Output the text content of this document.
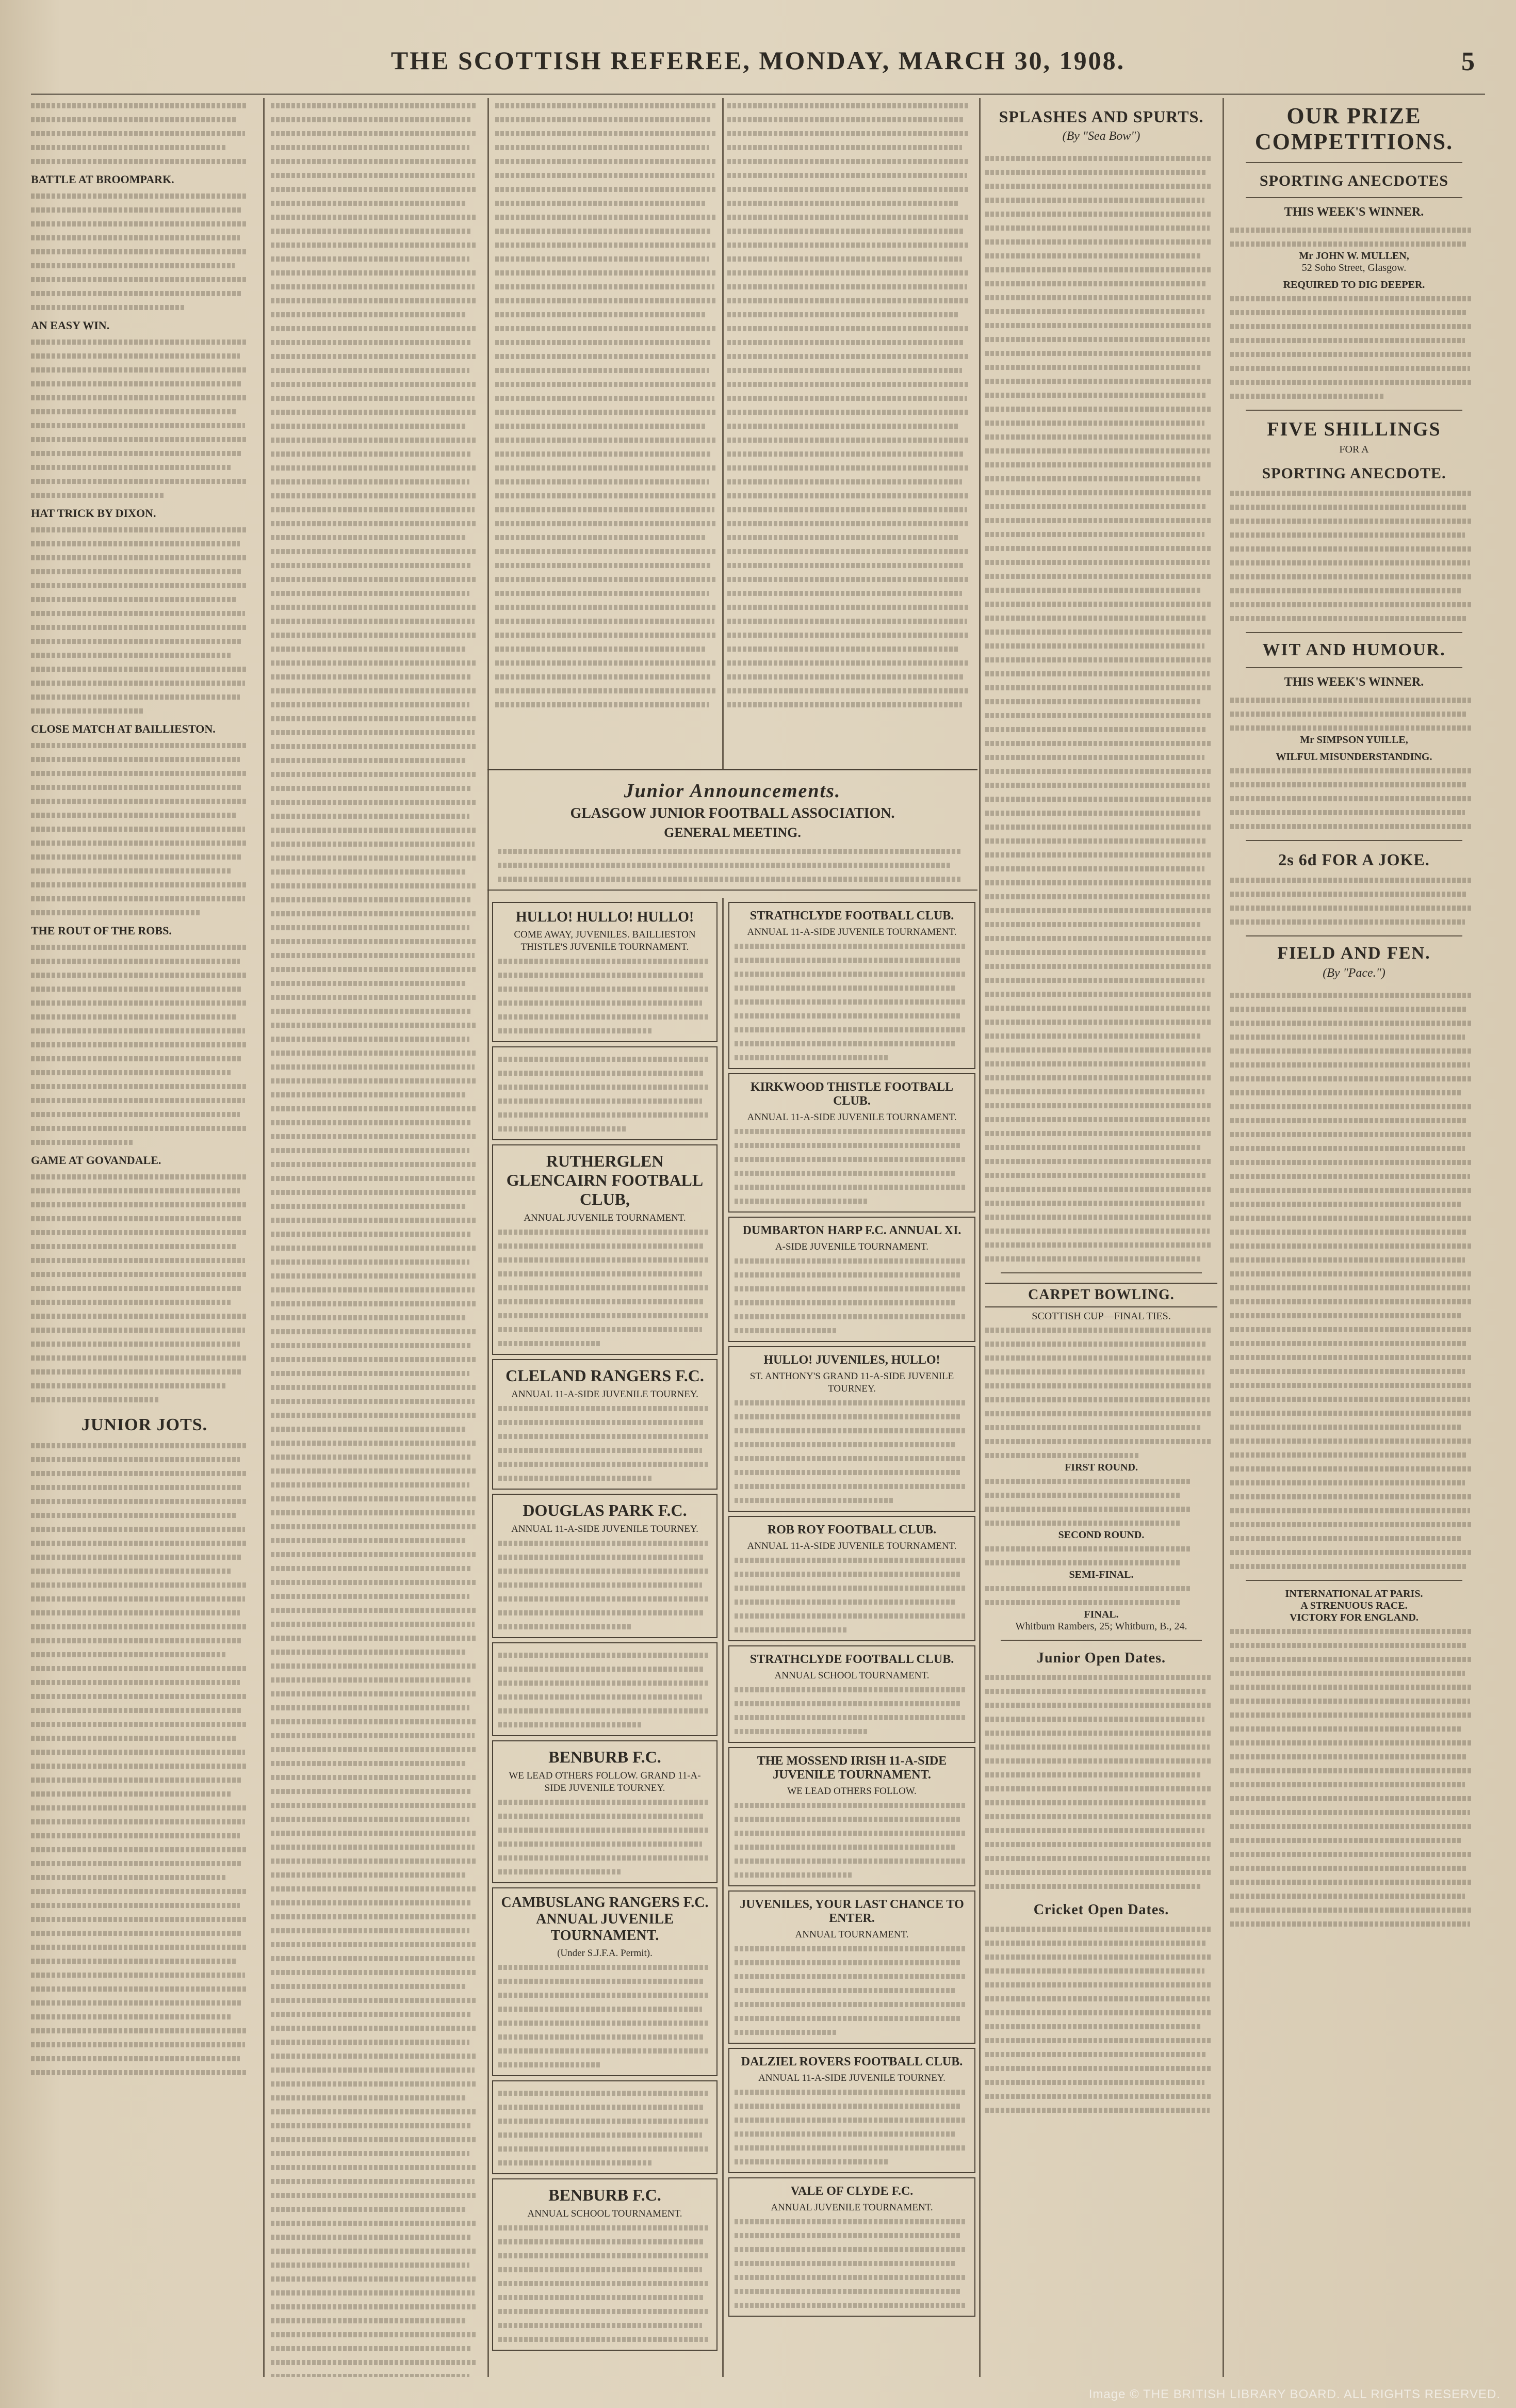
THE SCOTTISH REFEREE, MONDAY, MARCH 30, 1908.	5
BATTLE AT BROOMPARK.
AN EASY WIN.
HAT TRICK BY DIXON.
CLOSE MATCH AT BAILLIESTON.
THE ROUT OF THE ROBS.
GAME AT GOVANDALE.
JUNIOR JOTS.
Junior Announcements.
GLASGOW JUNIOR FOOTBALL ASSOCIATION.
GENERAL MEETING.
HULLO! HULLO! HULLO!
COME AWAY, JUVENILES. BAILLIESTON THISTLE'S JUVENILE TOURNAMENT.
RUTHERGLEN GLENCAIRN FOOTBALL CLUB,
ANNUAL JUVENILE TOURNAMENT.
CLELAND RANGERS F.C.
ANNUAL 11-A-SIDE JUVENILE TOURNEY.
DOUGLAS PARK F.C.
ANNUAL 11-A-SIDE JUVENILE TOURNEY.
BENBURB F.C.
WE LEAD OTHERS FOLLOW. GRAND 11-A-SIDE JUVENILE TOURNEY.
CAMBUSLANG RANGERS F.C. ANNUAL JUVENILE TOURNAMENT.
(Under S.J.F.A. Permit).
BENBURB F.C.
ANNUAL SCHOOL TOURNAMENT.
STRATHCLYDE FOOTBALL CLUB.
ANNUAL 11-A-SIDE JUVENILE TOURNAMENT.
KIRKWOOD THISTLE FOOTBALL CLUB.
ANNUAL 11-A-SIDE JUVENILE TOURNAMENT.
DUMBARTON HARP F.C. ANNUAL XI.
A-SIDE JUVENILE TOURNAMENT.
HULLO! JUVENILES, HULLO!
ST. ANTHONY'S GRAND 11-A-SIDE JUVENILE TOURNEY.
ROB ROY FOOTBALL CLUB.
ANNUAL 11-A-SIDE JUVENILE TOURNAMENT.
STRATHCLYDE FOOTBALL CLUB.
ANNUAL SCHOOL TOURNAMENT.
THE MOSSEND IRISH 11-A-SIDE JUVENILE TOURNAMENT.
WE LEAD OTHERS FOLLOW.
JUVENILES, YOUR LAST CHANCE TO ENTER.
ANNUAL TOURNAMENT.
DALZIEL ROVERS FOOTBALL CLUB.
ANNUAL 11-A-SIDE JUVENILE TOURNEY.
VALE OF CLYDE F.C.
ANNUAL JUVENILE TOURNAMENT.
SPLASHES AND SPURTS.
(By "Sea Bow")
CARPET BOWLING.
SCOTTISH CUP—FINAL TIES.
FIRST ROUND.
SECOND ROUND.
SEMI-FINAL.
FINAL.
Whitburn Rambers, 25; Whitburn, B., 24.
Junior Open Dates.
Cricket Open Dates.
OUR PRIZE COMPETITIONS.
SPORTING ANECDOTES
THIS WEEK'S WINNER.
Mr JOHN W. MULLEN,
52 Soho Street, Glasgow.
REQUIRED TO DIG DEEPER.
FIVE SHILLINGS
FOR A
SPORTING ANECDOTE.
WIT AND HUMOUR.
THIS WEEK'S WINNER.
Mr SIMPSON YUILLE,
WILFUL MISUNDERSTANDING.
2s 6d FOR A JOKE.
FIELD AND FEN.
(By "Pace.")
INTERNATIONAL AT PARIS.
A STRENUOUS RACE.
VICTORY FOR ENGLAND.
Image © THE BRITISH LIBRARY BOARD. ALL RIGHTS RESERVED.
